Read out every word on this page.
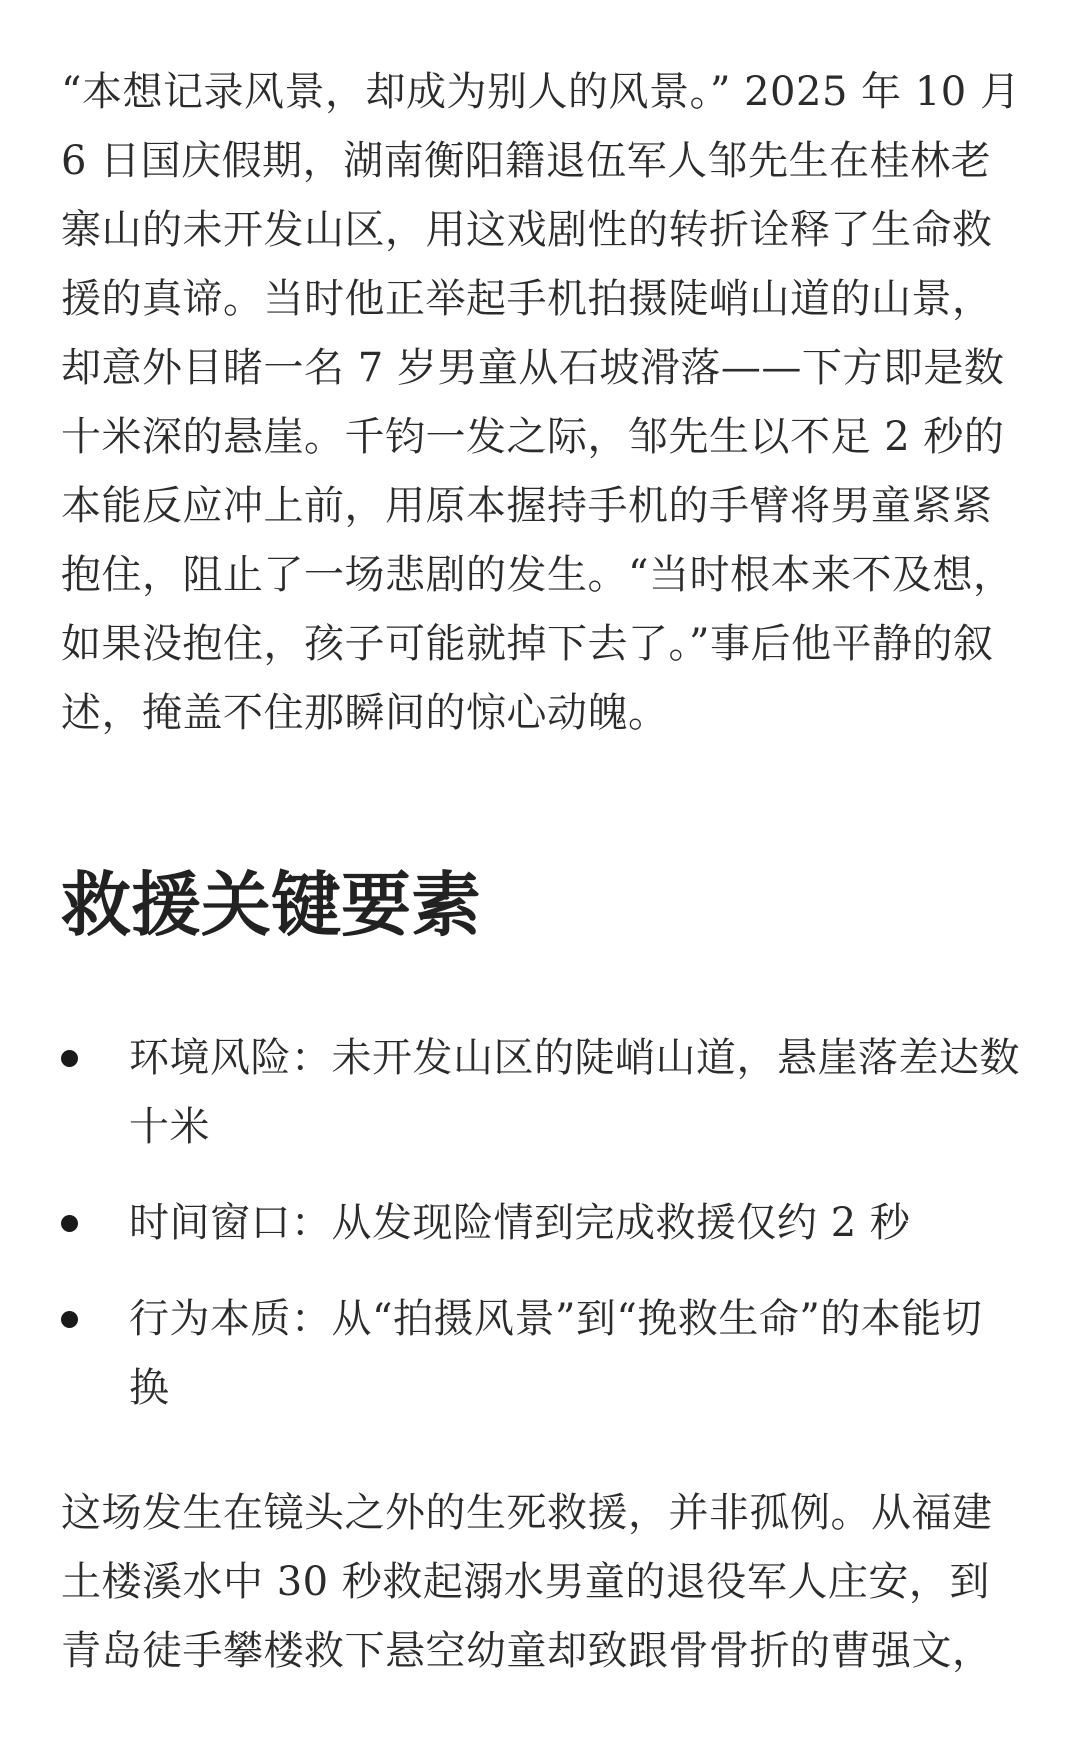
“本想记录风景，却成为别人的风景。” 2025 年 10 月 6 日国庆假期，湖南衡阳籍退伍军人邹先生在桂林老寨山的未开发山区，用这戏剧性的转折诠释了生命救援的真谛。当时他正举起手机拍摄陡峭山道的山景，却意外目睹一名 7 岁男童从石坡滑落——下方即是数十米深的悬崖。千钧一发之际，邹先生以不足 2 秒的本能反应冲上前，用原本握持手机的手臂将男童紧紧抱住，阻止了一场悲剧的发生。“当时根本来不及想，如果没抱住，孩子可能就掉下去了。”事后他平静的叙述，掩盖不住那瞬间的惊心动魄。

救援关键要素
环境风险：未开发山区的陡峭山道，悬崖落差达数十米
时间窗口：从发现险情到完成救援仅约 2 秒
行为本质：从“拍摄风景”到“挽救生命”的本能切换

这场发生在镜头之外的生死救援，并非孤例。从福建土楼溪水中 30 秒救起溺水男童的退役军人庄安，到青岛徒手攀楼救下悬空幼童却致跟骨骨折的曹强文，
